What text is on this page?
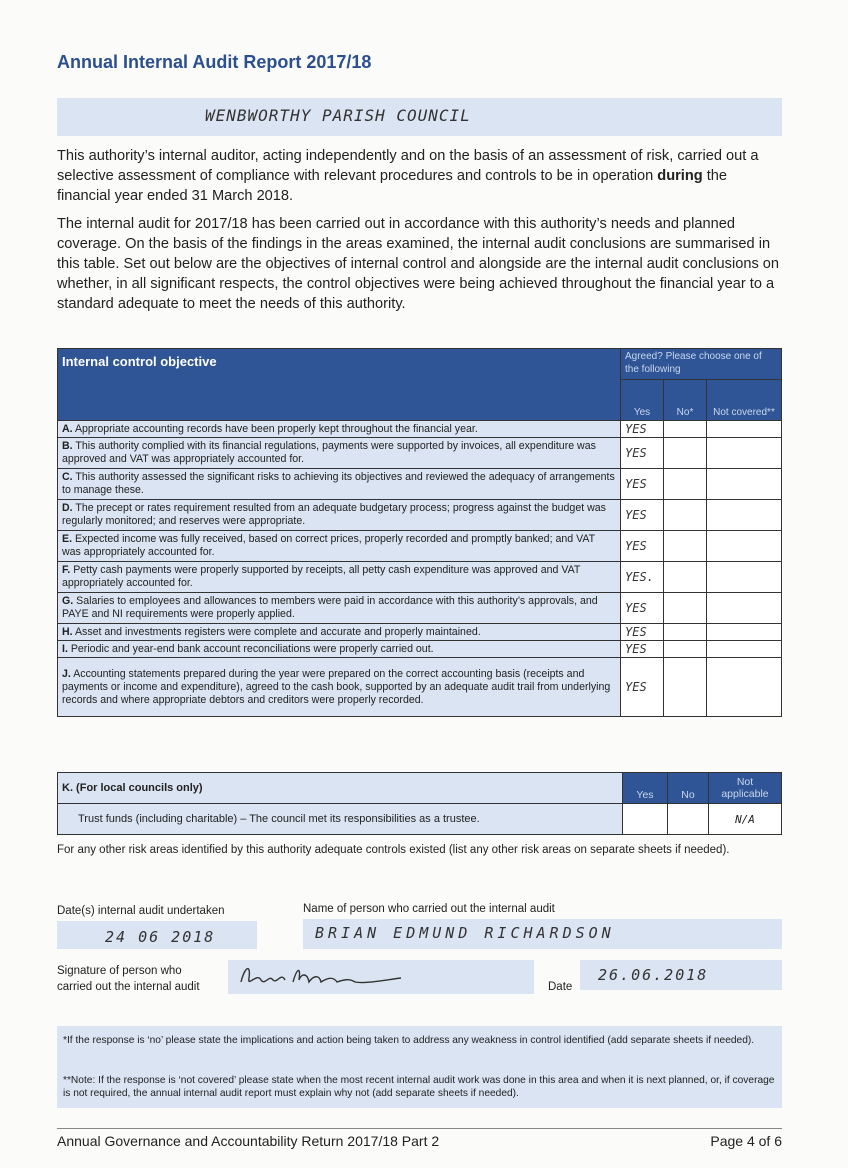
Annual Internal Audit Report 2017/18
WENBWORTHY PARISH COUNCIL
This authority’s internal auditor, acting independently and on the basis of an assessment of risk, carried out a selective assessment of compliance with relevant procedures and controls to be in operation during the financial year ended 31 March 2018.
The internal audit for 2017/18 has been carried out in accordance with this authority’s needs and planned coverage. On the basis of the findings in the areas examined, the internal audit conclusions are summarised in this table. Set out below are the objectives of internal control and alongside are the internal audit conclusions on whether, in all significant respects, the control objectives were being achieved throughout the financial year to a standard adequate to meet the needs of this authority.
Internal control objective	Agreed? Please choose one of the following		
	Yes	No*	Not covered**
A. Appropriate accounting records have been properly kept throughout the financial year.	YES		
B. This authority complied with its financial regulations, payments were supported by invoices, all expenditure was approved and VAT was appropriately accounted for.	YES		
C. This authority assessed the significant risks to achieving its objectives and reviewed the adequacy of arrangements to manage these.	YES		
D. The precept or rates requirement resulted from an adequate budgetary process; progress against the budget was regularly monitored; and reserves were appropriate.	YES		
E. Expected income was fully received, based on correct prices, properly recorded and promptly banked; and VAT was appropriately accounted for.	YES		
F. Petty cash payments were properly supported by receipts, all petty cash expenditure was approved and VAT appropriately accounted for.	YES.		
G. Salaries to employees and allowances to members were paid in accordance with this authority’s approvals, and PAYE and NI requirements were properly applied.	YES		
H. Asset and investments registers were complete and accurate and properly maintained.	YES		
I. Periodic and year-end bank account reconciliations were properly carried out.	YES		
J. Accounting statements prepared during the year were prepared on the correct accounting basis (receipts and payments or income and expenditure), agreed to the cash book, supported by an adequate audit trail from underlying records and where appropriate debtors and creditors were properly recorded.	YES		
K. (For local councils only)	Yes	No	Not applicable
Trust funds (including charitable) – The council met its responsibilities as a trustee.			N/A
For any other risk areas identified by this authority adequate controls existed (list any other risk areas on separate sheets if needed).
Date(s) internal audit undertaken
24 06 2018
Name of person who carried out the internal audit
BRIAN EDMUND RICHARDSON
Signature of person who
carried out the internal audit	Date
26.06.2018
*If the response is ‘no’ please state the implications and action being taken to address any weakness in control identified (add separate sheets if needed).
**Note: If the response is ‘not covered’ please state when the most recent internal audit work was done in this area and when it is next planned, or, if coverage is not required, the annual internal audit report must explain why not (add separate sheets if needed).
Annual Governance and Accountability Return 2017/18 Part 2	Page 4 of 6
